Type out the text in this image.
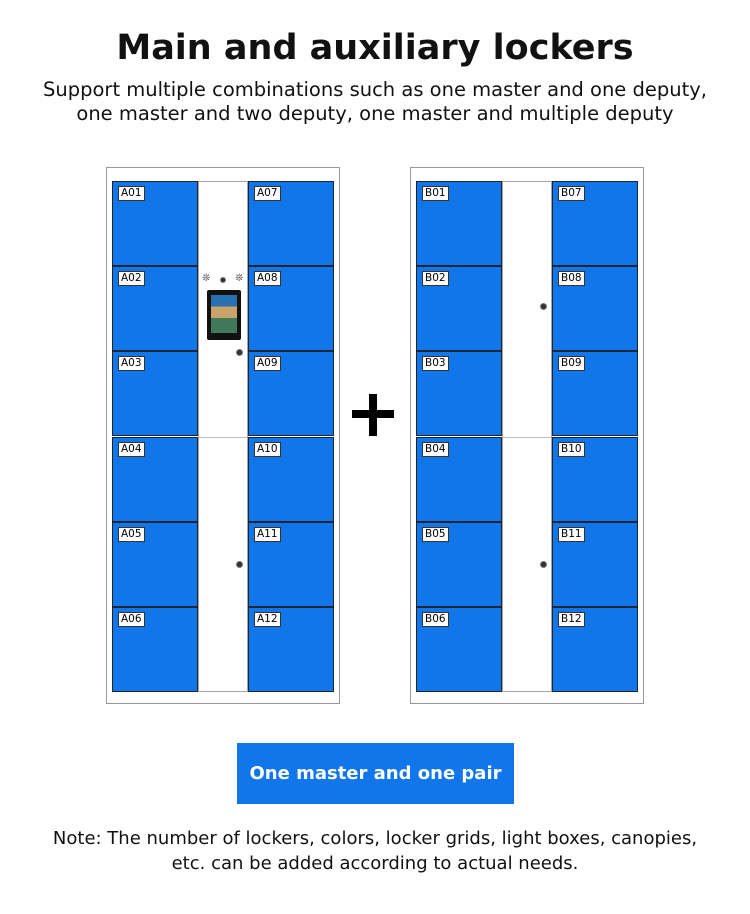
Main and auxiliary lockers
Support multiple combinations such as one master and one deputy,
one master and two deputy, one master and multiple deputy
A01
A02
A03
A04
A05
A06
❊ ❊
A07
A08
A09
A10
A11
A12
B01
B02
B03
B04
B05
B06
B07
B08
B09
B10
B11
B12
One master and one pair
Note: The number of lockers, colors, locker grids, light boxes, canopies,
etc. can be added according to actual needs.
